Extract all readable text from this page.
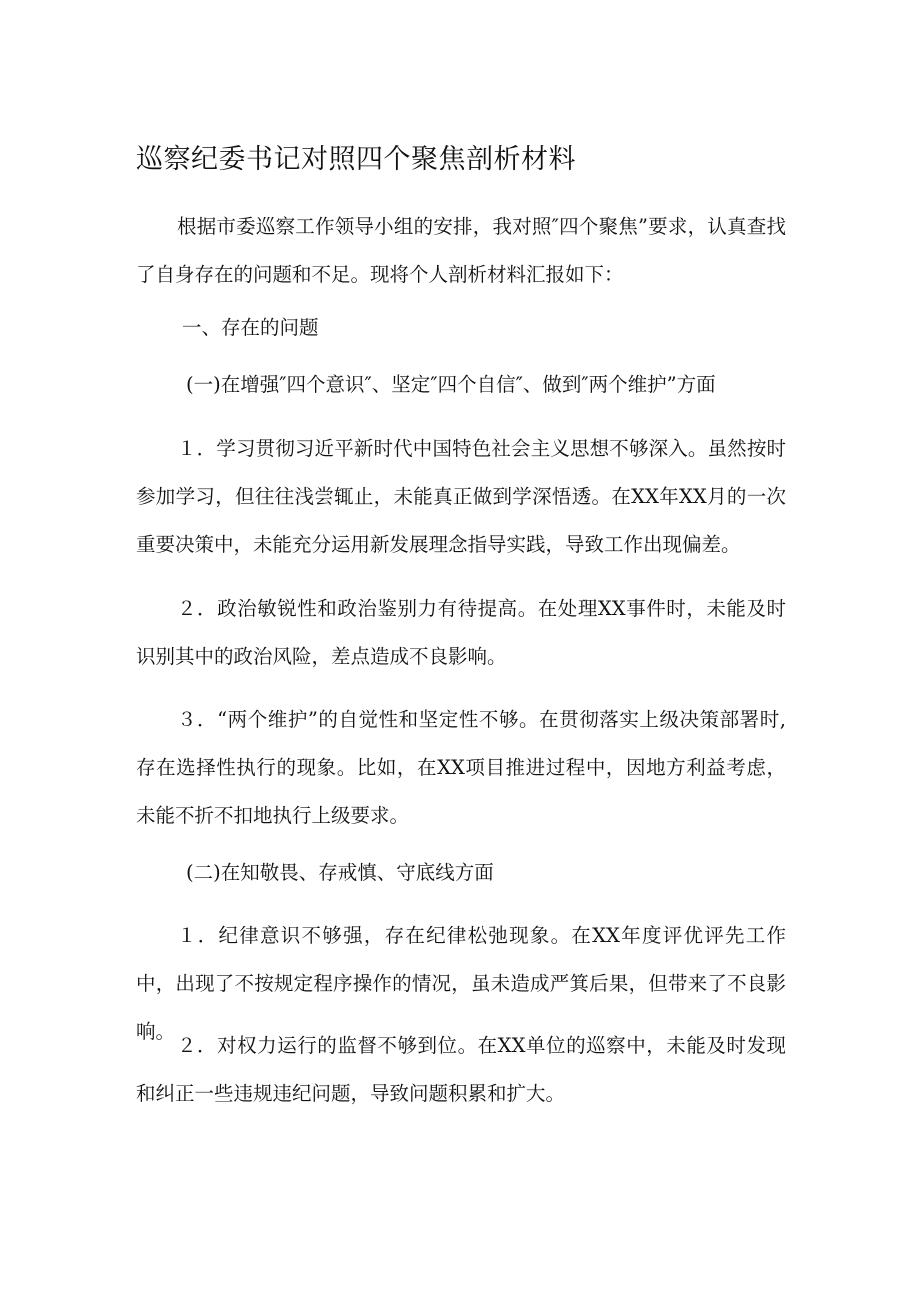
巡察纪委书记对照四个聚焦剖析材料

根据市委巡察工作领导小组的安排，我对照″四个聚焦”要求，认真查找了自身存在的问题和不足。现将个人剖析材料汇报如下：

一、存在的问题

(一)在增强″四个意识″、坚定″四个自信″、做到″两个维护”方面

１．学习贯彻习近平新时代中国特色社会主义思想不够深入。虽然按时参加学习，但往往浅尝辄止，未能真正做到学深悟透。在XX年XX月的一次重要决策中，未能充分运用新发展理念指导实践，导致工作出现偏差。

２．政治敏锐性和政治鉴别力有待提高。在处理XX事件时，未能及时识别其中的政治风险，差点造成不良影响。

３．“两个维护”的自觉性和坚定性不够。在贯彻落实上级决策部署时,存在选择性执行的现象。比如，在XX项目推进过程中，因地方利益考虑，未能不折不扣地执行上级要求。

(二)在知敬畏、存戒慎、守底线方面

１．纪律意识不够强，存在纪律松弛现象。在XX年度评优评先工作中，出现了不按规定程序操作的情况，虽未造成严箕后果，但带来了不良影响。

２．对权力运行的监督不够到位。在XX单位的巡察中，未能及时发现和纠正一些违规违纪问题，导致问题积累和扩大。
